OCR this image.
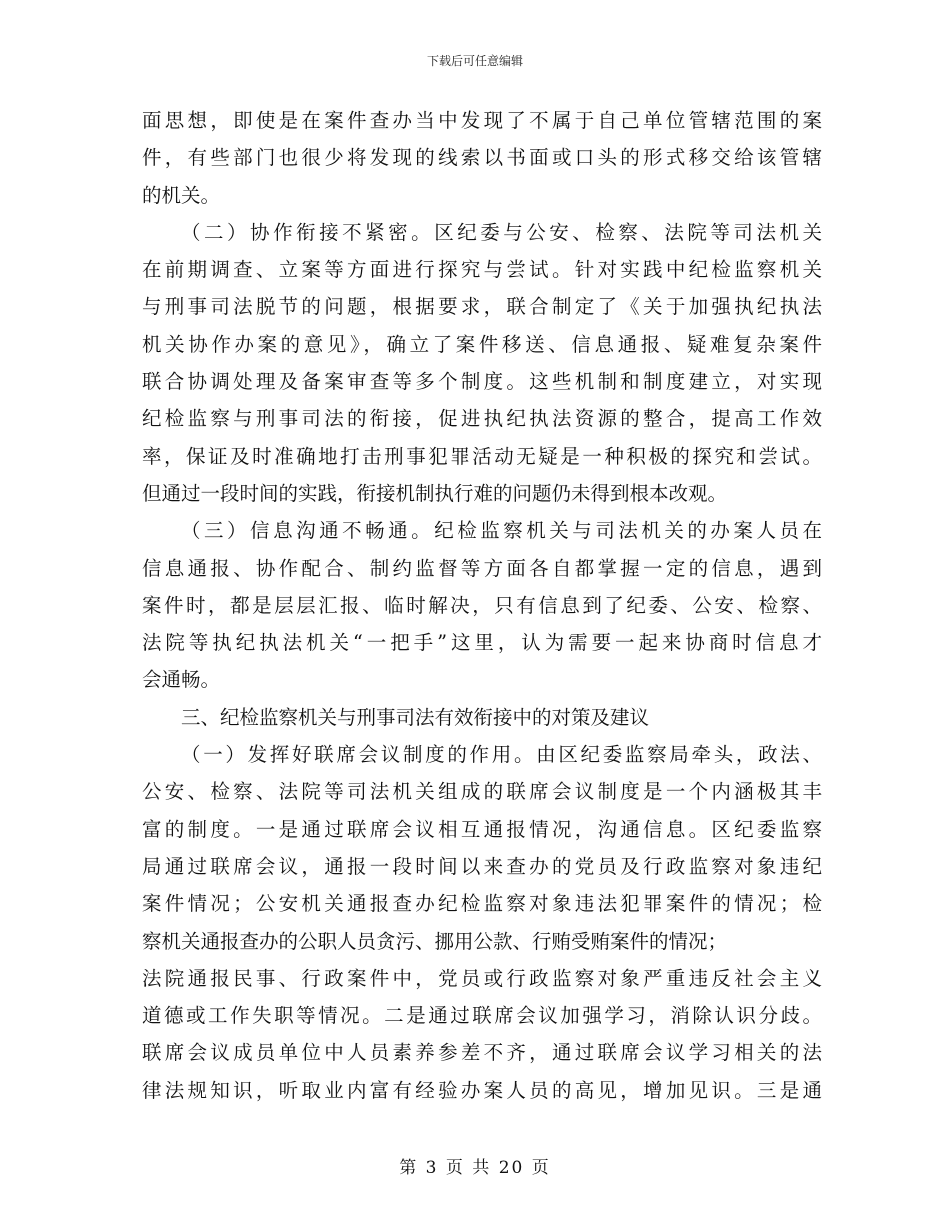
下载后可任意编辑
面思想，即使是在案件查办当中发现了不属于自己单位管辖范围的案
件，有些部门也很少将发现的线索以书面或口头的形式移交给该管辖
的机关。
（二）协作衔接不紧密。区纪委与公安、检察、法院等司法机关
在前期调查、立案等方面进行探究与尝试。针对实践中纪检监察机关
与刑事司法脱节的问题，根据要求，联合制定了《关于加强执纪执法
机关协作办案的意见》，确立了案件移送、信息通报、疑难复杂案件
联合协调处理及备案审查等多个制度。这些机制和制度建立，对实现
纪检监察与刑事司法的衔接，促进执纪执法资源的整合，提高工作效
率，保证及时准确地打击刑事犯罪活动无疑是一种积极的探究和尝试。
但通过一段时间的实践，衔接机制执行难的问题仍未得到根本改观。
（三）信息沟通不畅通。纪检监察机关与司法机关的办案人员在
信息通报、协作配合、制约监督等方面各自都掌握一定的信息，遇到
案件时，都是层层汇报、临时解决，只有信息到了纪委、公安、检察、
法院等执纪执法机关“一把手”这里，认为需要一起来协商时信息才
会通畅。
三、纪检监察机关与刑事司法有效衔接中的对策及建议
（一）发挥好联席会议制度的作用。由区纪委监察局牵头，政法、
公安、检察、法院等司法机关组成的联席会议制度是一个内涵极其丰
富的制度。一是通过联席会议相互通报情况，沟通信息。区纪委监察
局通过联席会议，通报一段时间以来查办的党员及行政监察对象违纪
案件情况；公安机关通报查办纪检监察对象违法犯罪案件的情况；检
察机关通报查办的公职人员贪污、挪用公款、行贿受贿案件的情况；
法院通报民事、行政案件中，党员或行政监察对象严重违反社会主义
道德或工作失职等情况。二是通过联席会议加强学习，消除认识分歧。
联席会议成员单位中人员素养参差不齐，通过联席会议学习相关的法
律法规知识，听取业内富有经验办案人员的高见，增加见识。三是通
第 3 页 共 20 页
